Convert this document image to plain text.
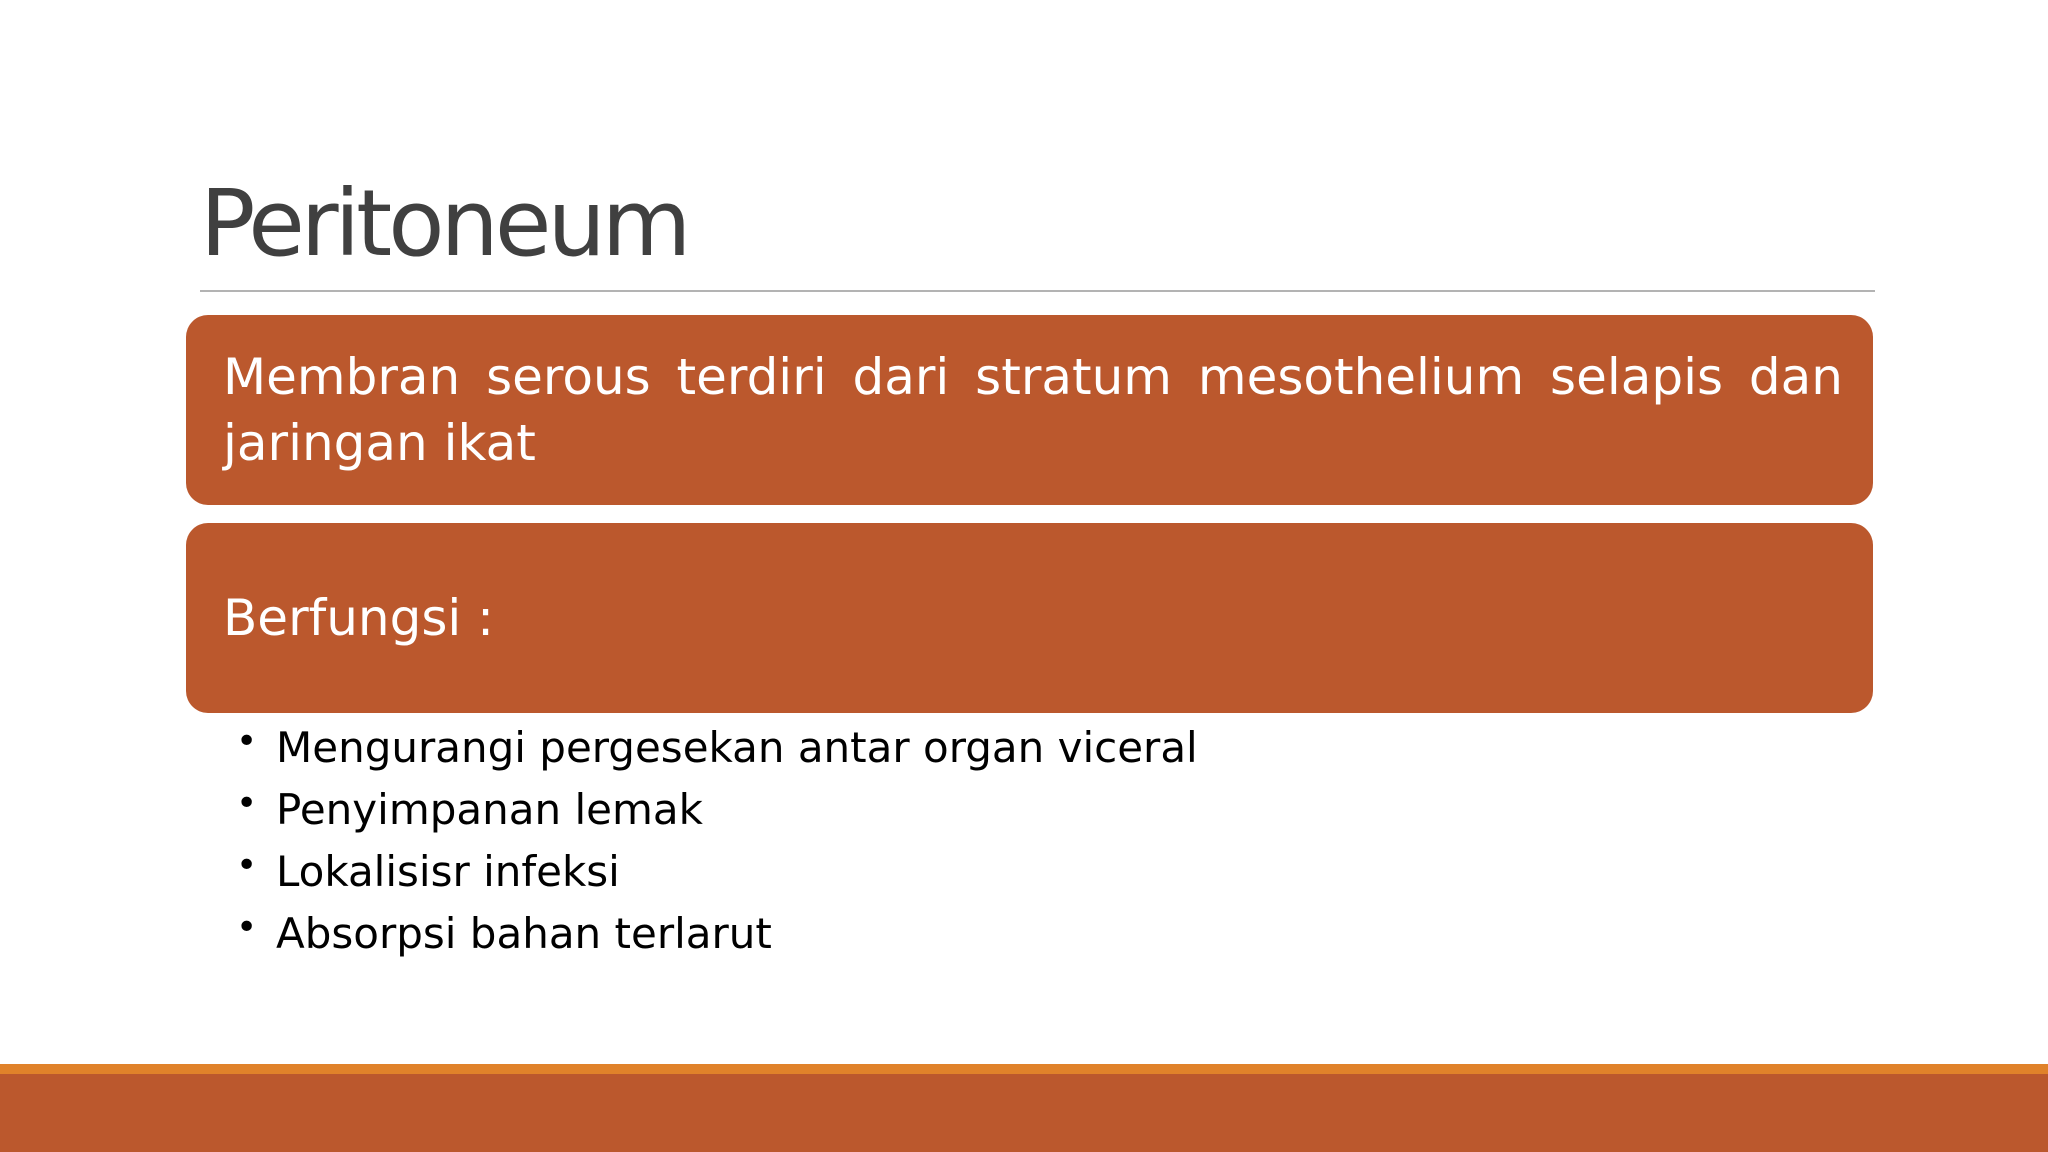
Peritoneum
Membran serous terdiri dari stratum mesothelium selapis dan jaringan ikat
Berfungsi :
• Mengurangi pergesekan antar organ viceral
• Penyimpanan lemak
• Lokalisisr infeksi
• Absorpsi bahan terlarut
